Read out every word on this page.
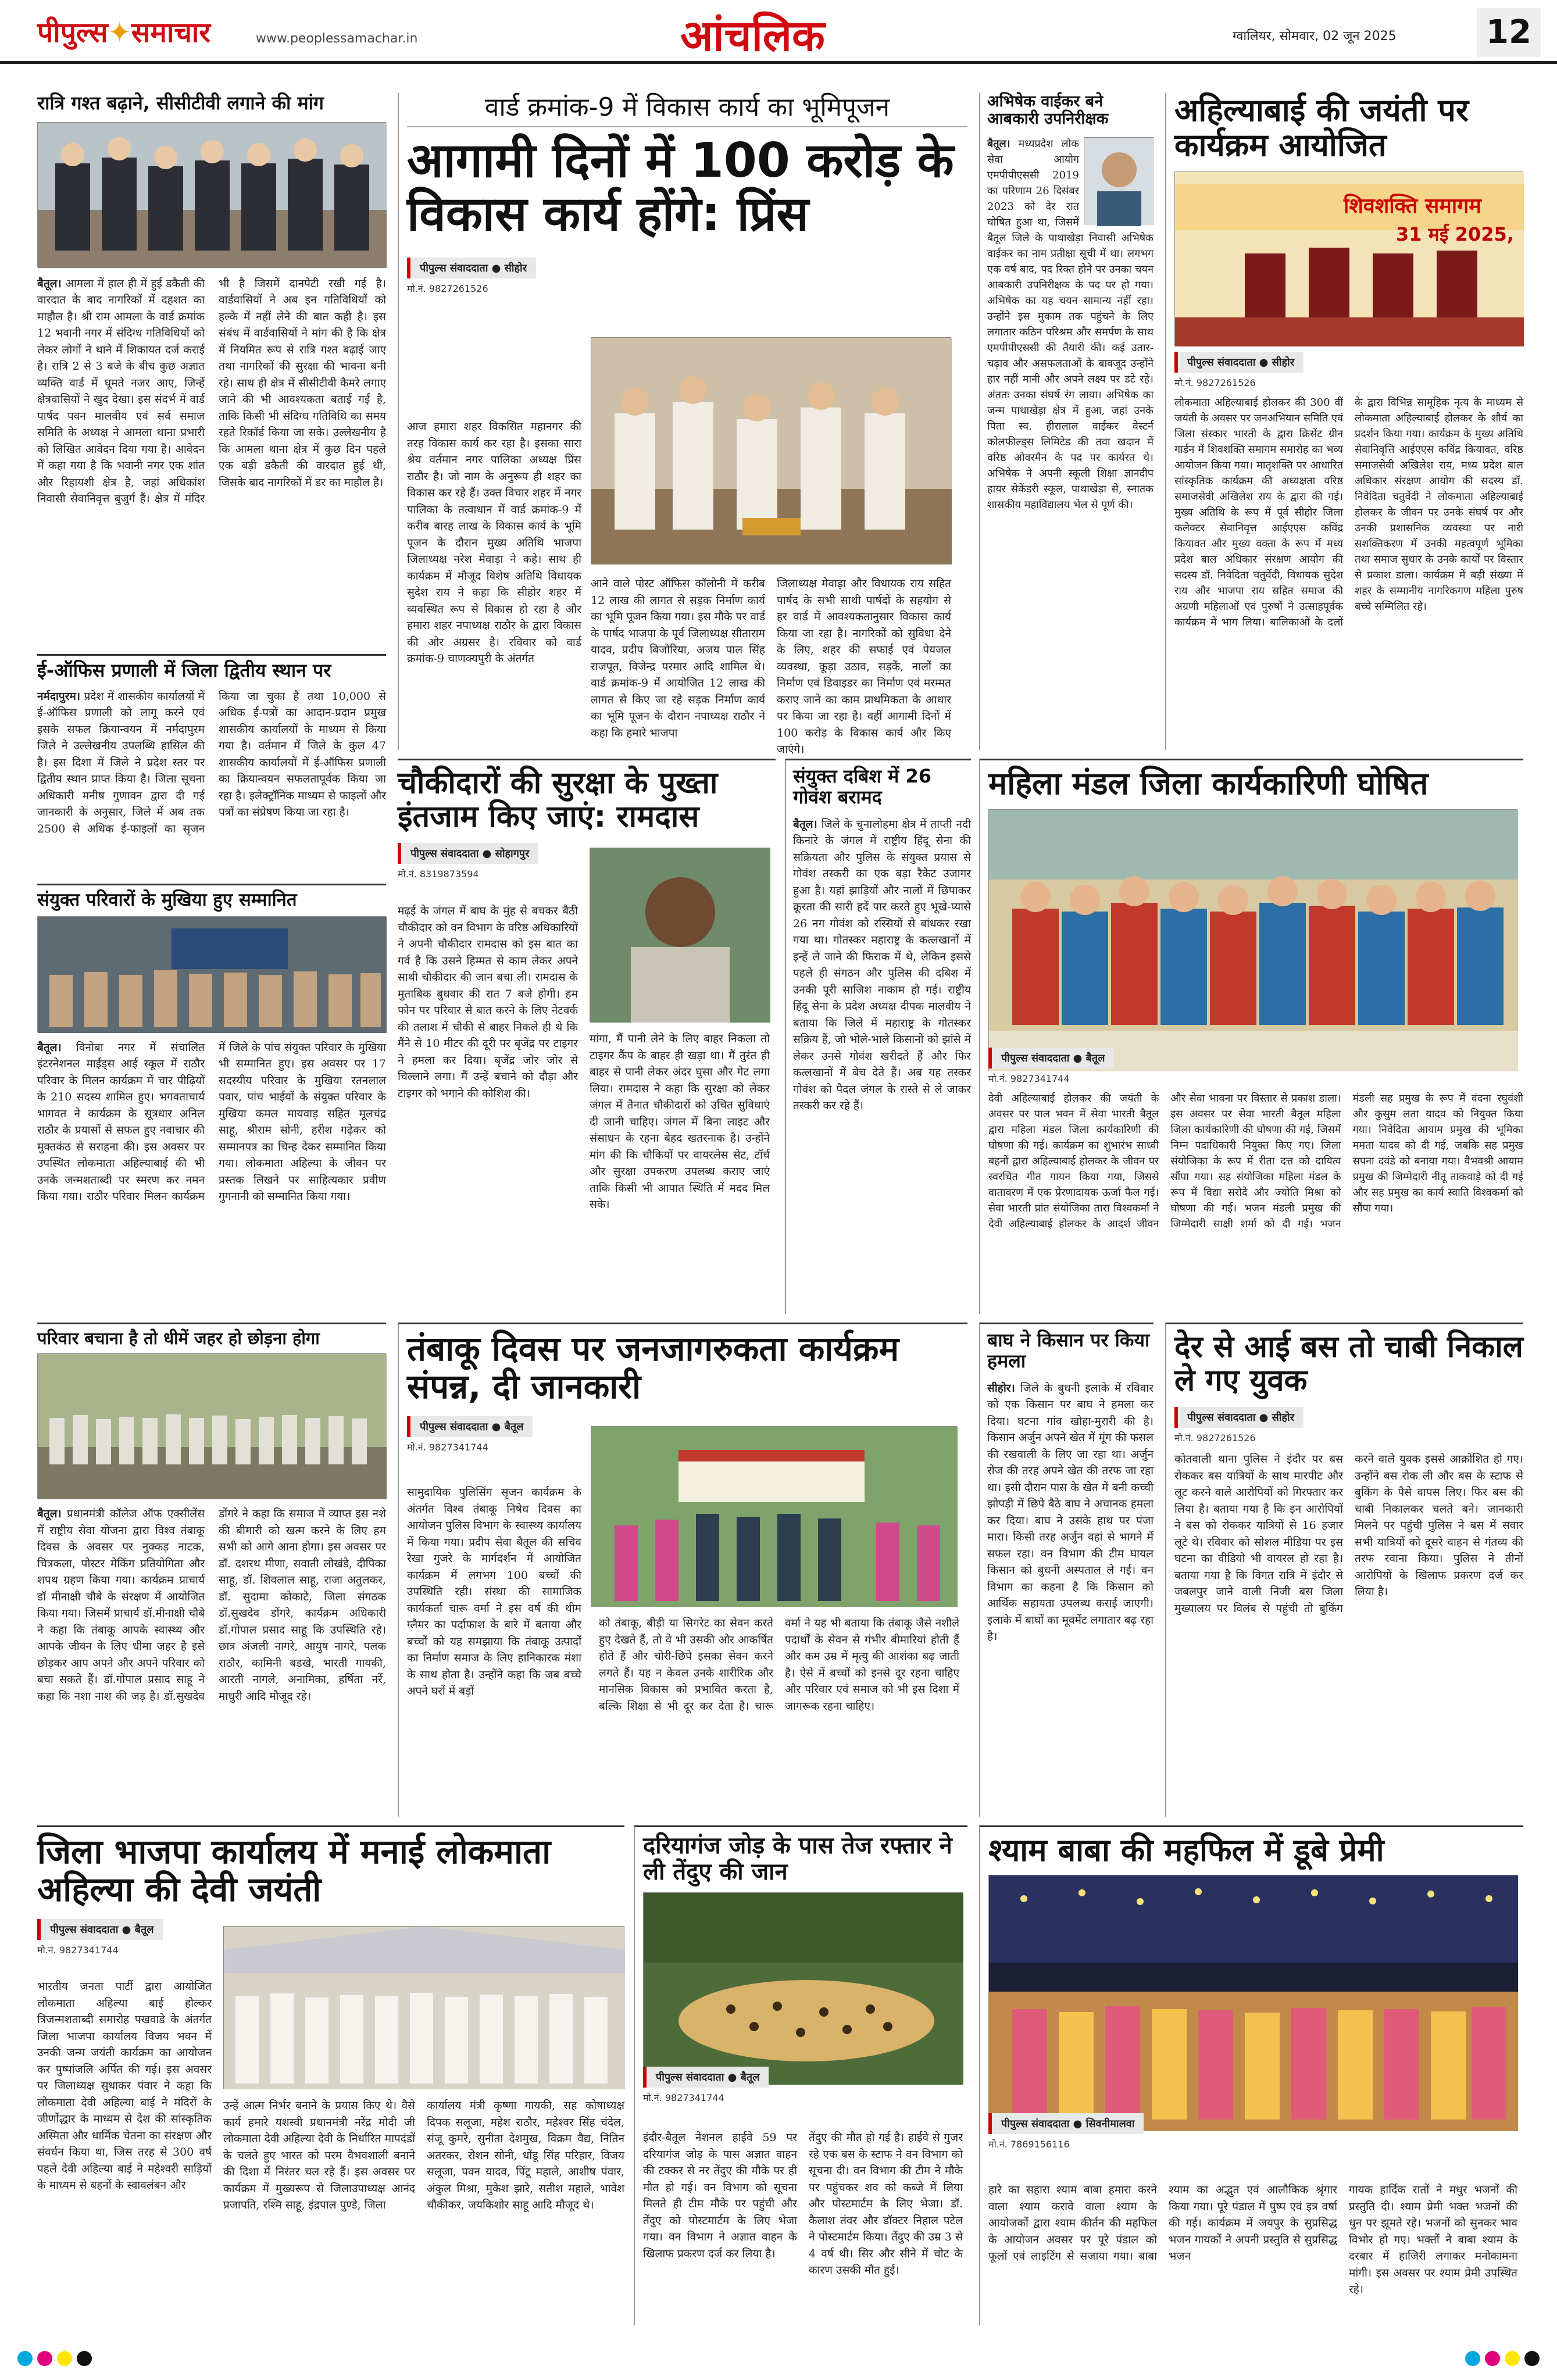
पीपुल्स✦समाचार	www.peoplessamachar.in	आंचलिक	ग्वालियर, सोमवार, 02 जून 2025	12
रात्रि गश्त बढ़ाने, सीसीटीवी लगाने की मांग
बैतूल। आमला में हाल ही में हुई डकैती की वारदात के बाद नागरिकों में दहशत का माहौल है। श्री राम आमला के वार्ड क्रमांक 12 भवानी नगर में संदिग्ध गतिविधियों को लेकर लोगों ने थाने में शिकायत दर्ज कराई है। रात्रि 2 से 3 बजे के बीच कुछ अज्ञात व्यक्ति वार्ड में घूमते नजर आए, जिन्हें क्षेत्रवासियों ने खुद देखा। इस संदर्भ में वार्ड पार्षद पवन मालवीय एवं सर्व समाज समिति के अध्यक्ष ने आमला थाना प्रभारी को लिखित आवेदन दिया गया है। आवेदन में कहा गया है कि भवानी नगर एक शांत और रिहायशी क्षेत्र है, जहां अधिकांश निवासी सेवानिवृत्त बुजुर्ग हैं। क्षेत्र में मंदिर भी है जिसमें दानपेटी रखी गई है। वार्डवासियों ने अब इन गतिविधियों को हल्के में नहीं लेने की बात कही है। इस संबंध में वार्डवासियों ने मांग की है कि क्षेत्र में नियमित रूप से रात्रि गश्त बढ़ाई जाए तथा नागरिकों की सुरक्षा की भावना बनी रहे। साथ ही क्षेत्र में सीसीटीवी कैमरे लगाए जाने की भी आवश्यकता बताई गई है, ताकि किसी भी संदिग्ध गतिविधि का समय रहते रिकॉर्ड किया जा सके। उल्लेखनीय है कि आमला थाना क्षेत्र में कुछ दिन पहले एक बड़ी डकैती की वारदात हुई थी, जिसके बाद नागरिकों में डर का माहौल है।
ई-ऑफिस प्रणाली में जिला द्वितीय स्थान पर
नर्मदापुरम। प्रदेश में शासकीय कार्यालयों में ई-ऑफिस प्रणाली को लागू करने एवं इसके सफल क्रियान्वयन में नर्मदापुरम जिले ने उल्लेखनीय उपलब्धि हासिल की है। इस दिशा में जिले ने प्रदेश स्तर पर द्वितीय स्थान प्राप्त किया है। जिला सूचना अधिकारी मनीष गुणावन द्वारा दी गई जानकारी के अनुसार, जिले में अब तक 2500 से अधिक ई-फाइलों का सृजन किया जा चुका है तथा 10,000 से अधिक ई-पत्रों का आदान-प्रदान प्रमुख शासकीय कार्यालयों के माध्यम से किया गया है। वर्तमान में जिले के कुल 47 शासकीय कार्यालयों में ई-ऑफिस प्रणाली का क्रियान्वयन सफलतापूर्वक किया जा रहा है। इलेक्ट्रॉनिक माध्यम से फाइलों और पत्रों का संप्रेषण किया जा रहा है।
संयुक्त परिवारों के मुखिया हुए सम्मानित
बैतूल। विनोबा नगर में संचालित इंटरनेशनल माईंड्स आई स्कूल में राठौर परिवार के मिलन कार्यक्रम में चार पीढ़ियों के 210 सदस्य शामिल हुए। भगवताचार्य भागवत ने कार्यक्रम के सूत्रधार अनिल राठौर के प्रयासों से सफल हुए नवाचार की मुक्तकंठ से सराहना की। इस अवसर पर उपस्थित लोकमाता अहिल्याबाई की भी उनके जन्मशताब्दी पर स्मरण कर नमन किया गया। राठौर परिवार मिलन कार्यक्रम में जिले के पांच संयुक्त परिवार के मुखिया भी सम्मानित हुए। इस अवसर पर 17 सदस्यीय परिवार के मुखिया रतनलाल पवार, पांच भाईयों के संयुक्त परिवार के मुखिया कमल मायवाड़ सहित मूलचंद्र साहू, श्रीराम सोनी, हरीश गढ़ेकर को सम्मानपत्र का चिन्ह देकर सम्मानित किया गया। लोकमाता अहिल्या के जीवन पर प्रस्तक लिखने पर साहित्यकार प्रवीण गुगनानी को सम्मानित किया गया।
परिवार बचाना है तो धीमें जहर हो छोड़ना होगा
बैतूल। प्रधानमंत्री कॉलेज ऑफ एक्सीलेंस में राष्ट्रीय सेवा योजना द्वारा विश्व तंबाकू दिवस के अवसर पर नुक्कड़ नाटक, चित्रकला, पोस्टर मेकिंग प्रतियोगिता और शपथ ग्रहण किया गया। कार्यक्रम प्राचार्य डॉ मीनाक्षी चौबे के संरक्षण में आयोजित किया गया। जिसमें प्राचार्य डॉ.मीनाक्षी चौबे ने कहा कि तंबाकू आपके स्वास्थ्य और आपके जीवन के लिए धीमा जहर है इसे छोड़कर आप अपने और अपने परिवार को बचा सकते हैं। डॉ.गोपाल प्रसाद साहू ने कहा कि नशा नाश की जड़ है। डॉ.सुखदेव डोंगरे ने कहा कि समाज में व्याप्त इस नशे की बीमारी को खत्म करने के लिए हम सभी को आगे आना होगा। इस अवसर पर डॉ. दशरथ मीणा, सवाती लोखंडे, दीपिका साहू, डॉ. शिवलाल साहू, राजा अतुलकर, डॉ. सुदामा कोकाटे, जिला संगठक डॉ.सुखदेव डोंगरे, कार्यक्रम अधिकारी डॉ.गोपाल प्रसाद साहू कि उपस्थिति रहे। छात्र अंजली नागरे, आयुष नागरे, पलक राठौर, कामिनी बडखे, भारती गायकी, आरती नागले, अनामिका, हर्षिता नर्रे, माधुरी आदि मौजूद रहे।
वार्ड क्रमांक-9 में विकास कार्य का भूमिपूजन
आगामी दिनों में 100 करोड़ के विकास कार्य होंगे: प्रिंस
पीपुल्स संवाददाता ● सीहोर
मो.नं. 9827261526
आज हमारा शहर विकसित महानगर की तरह विकास कार्य कर रहा है। इसका सारा श्रेय वर्तमान नगर पालिका अध्यक्ष प्रिंस राठौर है। जो नाम के अनुरूप ही शहर का विकास कर रहे हैं। उक्त विचार शहर में नगर पालिका के तत्वाधान में वार्ड क्रमांक-9 में करीब बारह लाख के विकास कार्य के भूमि पूजन के दौरान मुख्य अतिथि भाजपा जिलाध्यक्ष नरेश मेवाड़ा ने कहे। साथ ही कार्यक्रम में मौजूद विशेष अतिथि विधायक सुदेश राय ने कहा कि सीहोर शहर में व्यवस्थित रूप से विकास हो रहा है और हमारा शहर नपाध्यक्ष राठौर के द्वारा विकास की ओर अग्रसर है। रविवार को वार्ड क्रमांक-9 चाणक्यपुरी के अंतर्गत
आने वाले पोस्ट ऑफिस कॉलोनी में करीब 12 लाख की लागत से सड़क निर्माण कार्य का भूमि पूजन किया गया। इस मौके पर वार्ड के पार्षद भाजपा के पूर्व जिलाध्यक्ष सीताराम यादव, प्रदीप बिजोरिया, अजय पाल सिंह राजपूत, विजेन्द्र परमार आदि शामिल थे। वार्ड क्रमांक-9 में आयोजित 12 लाख की लागत से किए जा रहे सड़क निर्माण कार्य का भूमि पूजन के दौरान नपाध्यक्ष राठौर ने कहा कि हमारे भाजपा
जिलाध्यक्ष मेवाड़ा और विधायक राय सहित पार्षद के सभी साथी पार्षदों के सहयोग से हर वार्ड में आवश्यकतानुसार विकास कार्य किया जा रहा है। नागरिकों को सुविधा देने के लिए, शहर की सफाई एवं पेयजल व्यवस्था, कूड़ा उठाव, सड़कें, नालों का निर्माण एवं डिवाइडर का निर्माण एवं मरम्मत कराए जाने का काम प्राथमिकता के आधार पर किया जा रहा है। वहीं आगामी दिनों में 100 करोड़ के विकास कार्य और किए जाएंगे।
अभिषेक वाईकर बने आबकारी उपनिरीक्षक
बैतूल। मध्यप्रदेश लोक सेवा आयोग एमपीपीएससी 2019 का परिणाम 26 दिसंबर 2023 को देर रात घोषित हुआ था, जिसमें बैतूल जिले के पाथाखेड़ा निवासी अभिषेक वाईकर का नाम प्रतीक्षा सूची में था। लगभग एक वर्ष बाद, पद रिक्त होने पर उनका चयन आबकारी उपनिरीक्षक के पद पर हो गया। अभिषेक का यह चयन सामान्य नहीं रहा। उन्होंने इस मुकाम तक पहुंचने के लिए लगातार कठिन परिश्रम और समर्पण के साथ एमपीपीएससी की तैयारी की। कई उतार-चढ़ाव और असफलताओं के बावजूद उन्होंने हार नहीं मानी और अपने लक्ष्य पर डटे रहे। अंततः उनका संघर्ष रंग लाया। अभिषेक का जन्म पाथाखेड़ा क्षेत्र में हुआ, जहां उनके पिता स्व. हीरालाल वाईकर वेस्टर्न कोलफील्ड्स लिमिटेड की तवा खदान में वरिष्ठ ओवरमैन के पद पर कार्यरत थे। अभिषेक ने अपनी स्कूली शिक्षा ज्ञानदीप हायर सेकेंडरी स्कूल, पाथाखेड़ा से, स्नातक शासकीय महाविद्यालय भेल से पूर्ण की।
अहिल्याबाई की जयंती पर कार्यक्रम आयोजित
शिवशक्ति समागम
31 मई 2025,
पीपुल्स संवाददाता ● सीहोर
मो.नं. 9827261526
लोकमाता अहिल्याबाई होलकर की 300 वीं जयंती के अवसर पर जनअभियान समिति एवं जिला संस्कार भारती के द्वारा क्रिसेंट ग्रीन गार्डन में शिवशक्ति समागम समारोह का भव्य आयोजन किया गया। मातृशक्ति पर आधारित सांस्कृतिक कार्यक्रम की अध्यक्षता वरिष्ठ समाजसेवी अखिलेश राय के द्वारा की गई। मुख्य अतिथि के रूप में पूर्व सीहोर जिला कलेक्टर सेवानिवृत्त आईएएस कविंद्र कियावत और मुख्य वक्ता के रूप में मध्य प्रदेश बाल अधिकार संरक्षण आयोग की सदस्य डॉ. निवेदिता चतुर्वेदी, विधायक सुदेश राय और भाजपा राय सहित समाज की अग्रणी महिलाओं एवं पुरुषों ने उत्साहपूर्वक कार्यक्रम में भाग लिया। बालिकाओं के दलों के द्वारा विभिन्न सामूहिक नृत्य के माध्यम से लोकमाता अहिल्याबाई होलकर के शौर्य का प्रदर्शन किया गया। कार्यक्रम के मुख्य अतिथि सेवानिवृत्ति आईएएस कविंद्र कियावत, वरिष्ठ समाजसेवी अखिलेश राय, मध्य प्रदेश बाल अधिकार संरक्षण आयोग की सदस्य डॉ. निवेदिता चतुर्वेदी ने लोकमाता अहिल्याबाई होलकर के जीवन पर उनके संघर्ष पर और उनकी प्रशासनिक व्यवस्था पर नारी सशक्तिकरण में उनकी महत्वपूर्ण भूमिका तथा समाज सुधार के उनके कार्यों पर विस्तार से प्रकाश डाला। कार्यक्रम में बड़ी संख्या में शहर के सम्मानीय नागरिकगण महिला पुरुष बच्चे सम्मिलित रहे।
चौकीदारों की सुरक्षा के पुख्ता इंतजाम किए जाएं: रामदास
पीपुल्स संवाददाता ● सोहागपुर
मो.नं. 8319873594
मढ़ई के जंगल में बाघ के मुंह से बचकर बैठी चौकीदार को वन विभाग के वरिष्ठ अधिकारियों ने अपनी चौकीदार रामदास को इस बात का गर्व है कि उसने हिम्मत से काम लेकर अपने साथी चौकीदार की जान बचा ली। रामदास के मुताबिक बुधवार की रात 7 बजे होगी। हम फोन पर परिवार से बात करने के लिए नेटवर्क की तलाश में चौकी से बाहर निकले ही थे कि मैंने से 10 मीटर की दूरी पर बृजेंद्र पर टाइगर ने हमला कर दिया। बृजेंद्र जोर जोर से चिल्लाने लगा। मैं उन्हें बचाने को दौड़ा और टाइगर को भगाने की कोशिश की।
मांगा, मैं पानी लेने के लिए बाहर निकला तो टाइगर कैंप के बाहर ही खड़ा था। मैं तुरंत ही बाहर से पानी लेकर अंदर घुसा और गेट लगा लिया। रामदास ने कहा कि सुरक्षा को लेकर जंगल में तैनात चौकीदारों को उचित सुविधाएं दी जानी चाहिए। जंगल में बिना लाइट और संसाधन के रहना बेहद खतरनाक है। उन्होंने मांग की कि चौकियों पर वायरलेस सेट, टॉर्च और सुरक्षा उपकरण उपलब्ध कराए जाएं ताकि किसी भी आपात स्थिति में मदद मिल सके।
संयुक्त दबिश में 26 गोवंश बरामद
बैतूल। जिले के चुनालोहमा क्षेत्र में ताप्ती नदी किनारे के जंगल में राष्ट्रीय हिंदू सेना की सक्रियता और पुलिस के संयुक्त प्रयास से गोवंश तस्करी का एक बड़ा रैकेट उजागर हुआ है। यहां झाड़ियों और नालों में छिपाकर क्रूरता की सारी हदें पार करते हुए भूखे-प्यासे 26 नग गोवंश को रस्सियों से बांधकर रखा गया था। गोतस्कर महाराष्ट्र के कत्लखानों में इन्हें ले जाने की फिराक में थे, लेकिन इससे पहले ही संगठन और पुलिस की दबिश में उनकी पूरी साजिश नाकाम हो गई। राष्ट्रीय हिंदू सेना के प्रदेश अध्यक्ष दीपक मालवीय ने बताया कि जिले में महाराष्ट्र के गोतस्कर सक्रिय हैं, जो भोले-भाले किसानों को झांसे में लेकर उनसे गोवंश खरीदते हैं और फिर कत्लखानों में बेच देते हैं। अब यह तस्कर गोवंश को पैदल जंगल के रास्ते से ले जाकर तस्करी कर रहे हैं।
महिला मंडल जिला कार्यकारिणी घोषित
पीपुल्स संवाददाता ● बैतूल
मो.नं. 9827341744
देवी अहिल्याबाई होलकर की जयंती के अवसर पर पाल भवन में सेवा भारती बैतूल द्वारा महिला मंडल जिला कार्यकारिणी की घोषणा की गई। कार्यक्रम का शुभारंभ साध्वी बहनों द्वारा अहिल्याबाई होलकर के जीवन पर स्वरचित गीत गायन किया गया, जिससे वातावरण में एक प्रेरणादायक ऊर्जा फैल गई। सेवा भारती प्रांत संयोजिका तारा विश्वकर्मा ने देवी अहिल्याबाई होलकर के आदर्श जीवन और सेवा भावना पर विस्तार से प्रकाश डाला। इस अवसर पर सेवा भारती बैतूल महिला जिला कार्यकारिणी की घोषणा की गई, जिसमें निम्न पदाधिकारी नियुक्त किए गए। जिला संयोजिका के रूप में रीता दत्त को दायित्व सौंपा गया। सह संयोजिका महिला मंडल के रूप में विद्या सरोदे और ज्योति मिश्रा को घोषणा की गई। भजन मंडली प्रमुख की जिम्मेदारी साक्षी शर्मा को दी गई। भजन मंडली सह प्रमुख के रूप में वंदना रघुवंशी और कुसुम लता यादव को नियुक्त किया गया। निवेदिता आयाम प्रमुख की भूमिका ममता यादव को दी गई, जबकि सह प्रमुख सपना दवंडे को बनाया गया। वैभवश्री आयाम प्रमुख की जिम्मेदारी नीतू ताकवाड़े को दी गई और सह प्रमुख का कार्य स्वाति विश्वकर्मा को सौंपा गया।
तंबाकू दिवस पर जनजागरुकता कार्यक्रम संपन्न, दी जानकारी
पीपुल्स संवाददाता ● बैतूल
मो.नं. 9827341744
सामुदायिक पुलिसिंग सृजन कार्यक्रम के अंतर्गत विश्व तंबाकू निषेध दिवस का आयोजन पुलिस विभाग के स्वास्थ्य कार्यालय में किया गया। प्रदीप सेवा बैतूल की सचिव रेखा गुजरे के मार्गदर्शन में आयोजित कार्यक्रम में लगभग 100 बच्चों की उपस्थिति रही। संस्था की सामाजिक कार्यकर्ता चारू वर्मा ने इस वर्ष की थीम ग्लैमर का पर्दाफाश के बारे में बताया और बच्चों को यह समझाया कि तंबाकू उत्पादों का निर्माण समाज के लिए हानिकारक मंशा के साथ होता है। उन्होंने कहा कि जब बच्चे अपने घरों में बड़ों
को तंबाकू, बीड़ी या सिगरेट का सेवन करते हुए देखते हैं, तो वे भी उसकी ओर आकर्षित होते हैं और चोरी-छिपे इसका सेवन करने लगते हैं। यह न केवल उनके शारीरिक और मानसिक विकास को प्रभावित करता है, बल्कि शिक्षा से भी दूर कर देता है। चारू वर्मा ने यह भी बताया कि तंबाकू जैसे नशीले पदार्थों के सेवन से गंभीर बीमारियां होती हैं और कम उम्र में मृत्यु की आशंका बढ़ जाती है। ऐसे में बच्चों को इनसे दूर रहना चाहिए और परिवार एवं समाज को भी इस दिशा में जागरूक रहना चाहिए।
बाघ ने किसान पर किया हमला
सीहोर। जिले के बुधनी इलाके में रविवार को एक किसान पर बाघ ने हमला कर दिया। घटना गांव खोहा-मुरारी की है। किसान अर्जुन अपने खेत में मूंग की फसल की रखवाली के लिए जा रहा था। अर्जुन रोज की तरह अपने खेत की तरफ जा रहा था। इसी दौरान पास के खेत में बनी कच्ची झोपड़ी में छिपे बैठे बाघ ने अचानक हमला कर दिया। बाघ ने उसके हाथ पर पंजा मारा। किसी तरह अर्जुन वहां से भागने में सफल रहा। वन विभाग की टीम घायल किसान को बुधनी अस्पताल ले गई। वन विभाग का कहना है कि किसान को आर्थिक सहायता उपलब्ध कराई जाएगी। इलाके में बाघों का मूवमेंट लगातार बढ़ रहा है।
देर से आई बस तो चाबी निकाल ले गए युवक
पीपुल्स संवाददाता ● सीहोर
मो.नं. 9827261526
कोतवाली थाना पुलिस ने इंदौर पर बस रोककर बस यात्रियों के साथ मारपीट और लूट करने वाले आरोपियों को गिरफ्तार कर लिया है। बताया गया है कि इन आरोपियों ने बस को रोककर यात्रियों से 16 हजार लूटे थे। रविवार को सोशल मीडिया पर इस घटना का वीडियो भी वायरल हो रहा है। बताया गया है कि विगत रात्रि में इंदौर से जबलपुर जाने वाली निजी बस जिला मुख्यालय पर विलंब से पहुंची तो बुकिंग करने वाले युवक इससे आक्रोशित हो गए। उन्होंने बस रोक ली और बस के स्टाफ से बुकिंग के पैसे वापस लिए। फिर बस की चाबी निकालकर चलते बने। जानकारी मिलने पर पहुंची पुलिस ने बस में सवार सभी यात्रियों को दूसरे वाहन से गंतव्य की तरफ रवाना किया। पुलिस ने तीनों आरोपियों के खिलाफ प्रकरण दर्ज कर लिया है।
जिला भाजपा कार्यालय में मनाई लोकमाता अहिल्या की देवी जयंती
पीपुल्स संवाददाता ● बैतूल
मो.नं. 9827341744
भारतीय जनता पार्टी द्वारा आयोजित लोकमाता अहिल्या बाई होल्कर त्रिजन्मशताब्दी समारोह पखवाडे के अंतर्गत जिला भाजपा कार्यालय विजय भवन में उनकी जन्म जयंती कार्यक्रम का आयोजन कर पुष्पांजलि अर्पित की गई। इस अवसर पर जिलाध्यक्ष सुधाकर पंवार ने कहा कि लोकमाता देवी अहिल्या बाई ने मंदिरों के जीर्णोद्धार के माध्यम से देश की सांस्कृतिक अस्मिता और धार्मिक चेतना का संरक्षण और संवर्धन किया था, जिस तरह से 300 वर्ष पहले देवी अहिल्या बाई ने महेश्वरी साड़ियों के माध्यम से बहनों के स्वावलंबन और
उन्हें आत्म निर्भर बनाने के प्रयास किए थे। वैसे कार्य हमारे यशस्वी प्रधानमंत्री नरेंद्र मोदी जी लोकमाता देवी अहिल्या देवी के निर्धारित मापदंडों के चलते हुए भारत को परम वैभवशाली बनाने की दिशा में निरंतर चल रहे हैं। इस अवसर पर कार्यक्रम में मुख्यरूप से जिलाउपाध्यक्ष आनंद प्रजापति, रश्मि साहू, इंद्रपाल पुण्डे, जिला
कार्यालय मंत्री कृष्णा गायकी, सह कोषाध्यक्ष दिपक सलूजा, महेश राठौर, महेश्वर सिंह चंदेल, संजू कुमरे, सुनीता देशमुख, विक्रम वैद्य, नितिन अतरकर, रोशन सोनी, धोंडू सिंह परिहार, विजय सलूजा, पवन यादव, पिंटू महाले, आशीष पंवार, अंकुल मिश्रा, मुकेश झारे, सतीश महाले, भावेश चौकीकर, जयकिशोर साहू आदि मौजूद थे।
दरियागंज जोड़ के पास तेज रफ्तार ने ली तेंदुए की जान
पीपुल्स संवाददाता ● बैतूल
मो.नं. 9827341744
इंदौर-बैतूल नेशनल हाईवे 59 पर दरियागंज जोड़ के पास अज्ञात वाहन की टक्कर से नर तेंदुए की मौके पर ही मौत हो गई। वन विभाग को सूचना मिलते ही टीम मौके पर पहुंची और तेंदुए को पोस्टमार्टम के लिए भेजा गया। वन विभाग ने अज्ञात वाहन के खिलाफ प्रकरण दर्ज कर लिया है।
तेंदुए की मौत हो गई है। हाईवे से गुजर रहे एक बस के स्टाफ ने वन विभाग को सूचना दी। वन विभाग की टीम ने मौके पर पहुंचकर शव को कब्जे में लिया और पोस्टमार्टम के लिए भेजा। डॉ. कैलाश तंवर और डॉक्टर निहाल पटेल ने पोस्टमार्टम किया। तेंदुए की उम्र 3 से 4 वर्ष थी। सिर और सीने में चोट के कारण उसकी मौत हुई।
श्याम बाबा की महफिल में डूबे प्रेमी
पीपुल्स संवाददाता ● सिवनीमालवा
मो.नं. 7869156116
हारे का सहारा श्याम बाबा हमारा करने वाला श्याम करावे वाला श्याम के आयोजकों द्वारा श्याम कीर्तन की महफिल के आयोजन अवसर पर पूरे पंडाल को फूलों एवं लाइटिंग से सजाया गया। बाबा श्याम का अद्भुत एवं आलौकिक श्रृंगार किया गया। पूरे पंडाल में पुष्प एवं इत्र वर्षा की गई। कार्यक्रम में जयपुर के सुप्रसिद्ध भजन गायकों ने अपनी प्रस्तुति से सुप्रसिद्ध भजन
गायक हार्दिक रातों ने मधुर भजनों की प्रस्तुति दी। श्याम प्रेमी भक्त भजनों की धुन पर झूमते रहे। भजनों को सुनकर भाव विभोर हो गए। भक्तों ने बाबा श्याम के दरबार में हाजिरी लगाकर मनोकामना मांगी। इस अवसर पर श्याम प्रेमी उपस्थित रहे।
